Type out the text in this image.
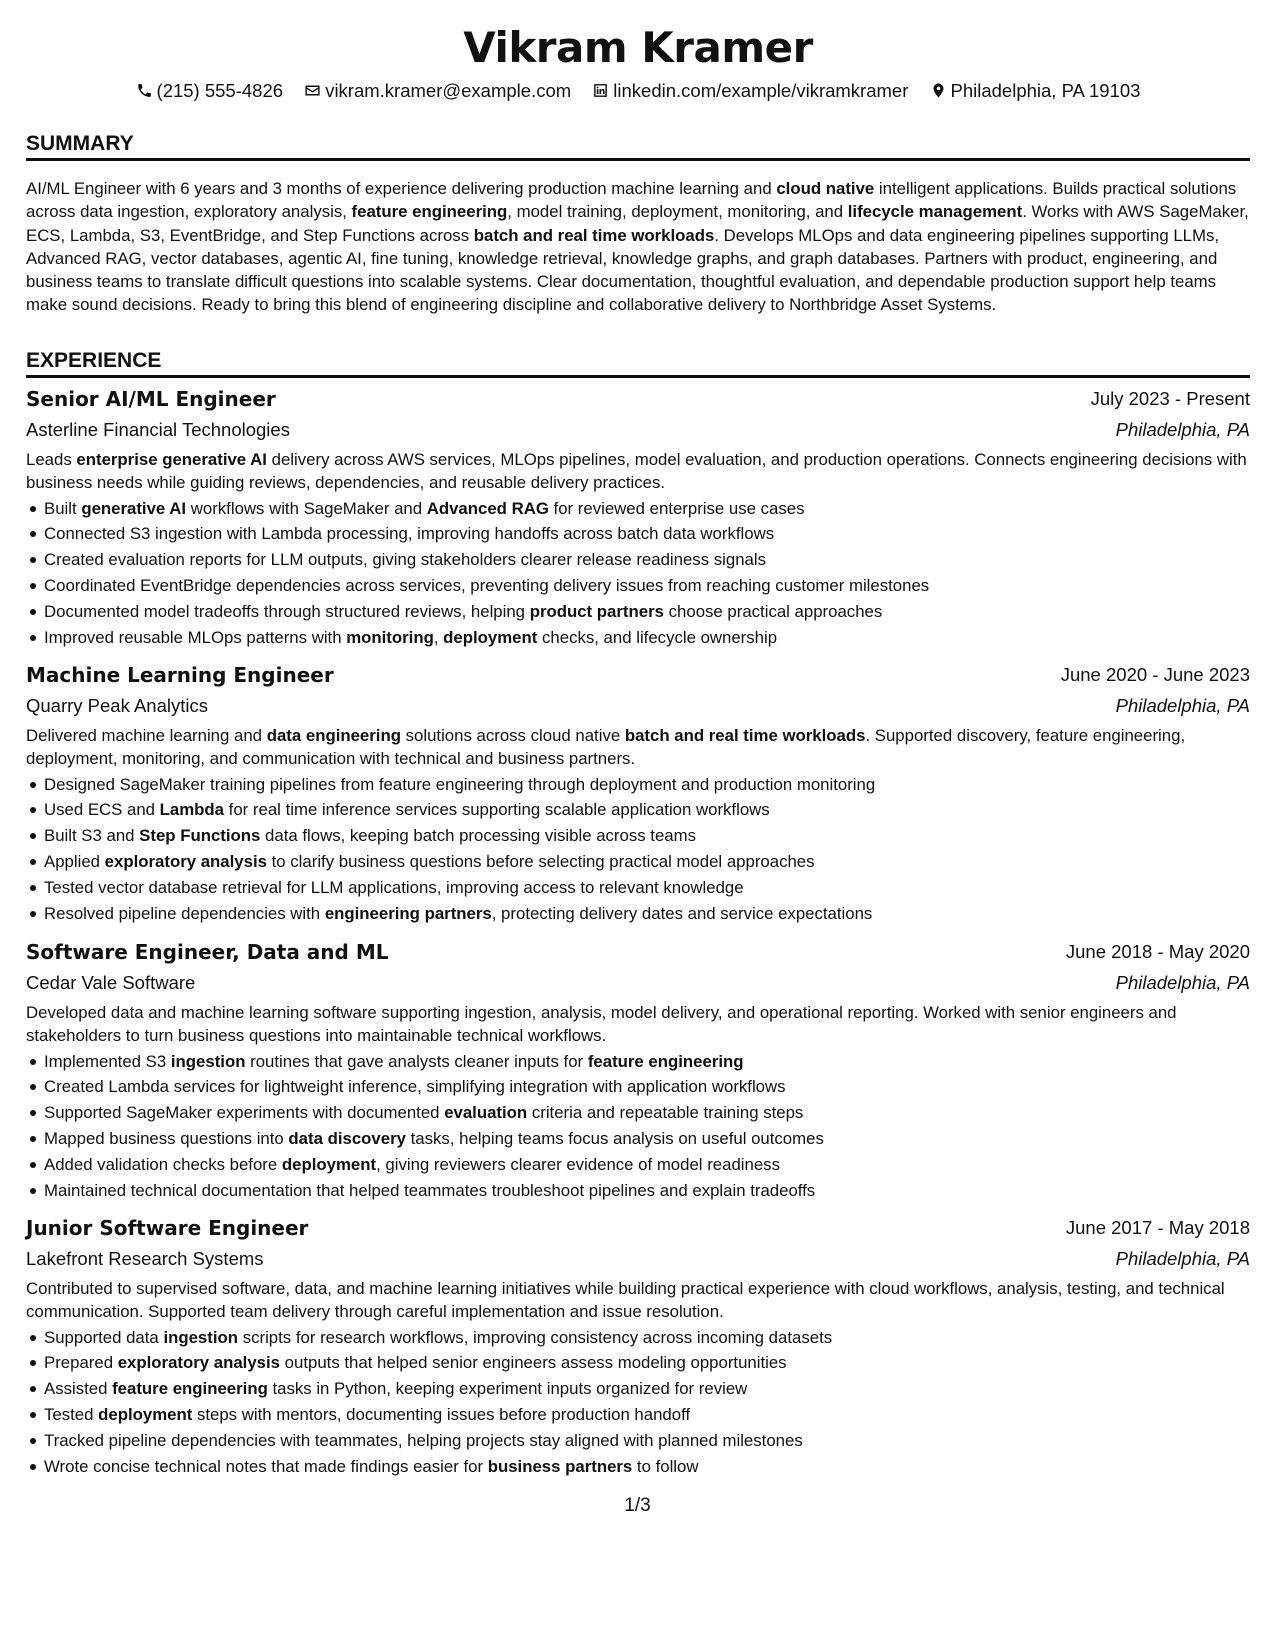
Vikram Kramer
(215) 555-4826 vikram.kramer@example.com linkedin.com/example/vikramkramer Philadelphia, PA 19103
SUMMARY

AI/ML Engineer with 6 years and 3 months of experience delivering production machine learning and cloud native intelligent applications. Builds practical solutions across data ingestion, exploratory analysis, feature engineering, model training, deployment, monitoring, and lifecycle management. Works with AWS SageMaker, ECS, Lambda, S3, EventBridge, and Step Functions across batch and real time workloads. Develops MLOps and data engineering pipelines supporting LLMs, Advanced RAG, vector databases, agentic AI, fine tuning, knowledge retrieval, knowledge graphs, and graph databases. Partners with product, engineering, and business teams to translate difficult questions into scalable systems. Clear documentation, thoughtful evaluation, and dependable production support help teams make sound decisions. Ready to bring this blend of engineering discipline and collaborative delivery to Northbridge Asset Systems.

EXPERIENCE
Senior AI/ML Engineer	July 2023 - Present
Asterline Financial Technologies	Philadelphia, PA

Leads enterprise generative AI delivery across AWS services, MLOps pipelines, model evaluation, and production operations. Connects engineering decisions with business needs while guiding reviews, dependencies, and reusable delivery practices.

Built generative AI workflows with SageMaker and Advanced RAG for reviewed enterprise use cases
Connected S3 ingestion with Lambda processing, improving handoffs across batch data workflows
Created evaluation reports for LLM outputs, giving stakeholders clearer release readiness signals
Coordinated EventBridge dependencies across services, preventing delivery issues from reaching customer milestones
Documented model tradeoffs through structured reviews, helping product partners choose practical approaches
Improved reusable MLOps patterns with monitoring, deployment checks, and lifecycle ownership
Machine Learning Engineer	June 2020 - June 2023
Quarry Peak Analytics	Philadelphia, PA

Delivered machine learning and data engineering solutions across cloud native batch and real time workloads. Supported discovery, feature engineering, deployment, monitoring, and communication with technical and business partners.

Designed SageMaker training pipelines from feature engineering through deployment and production monitoring
Used ECS and Lambda for real time inference services supporting scalable application workflows
Built S3 and Step Functions data flows, keeping batch processing visible across teams
Applied exploratory analysis to clarify business questions before selecting practical model approaches
Tested vector database retrieval for LLM applications, improving access to relevant knowledge
Resolved pipeline dependencies with engineering partners, protecting delivery dates and service expectations
Software Engineer, Data and ML	June 2018 - May 2020
Cedar Vale Software	Philadelphia, PA

Developed data and machine learning software supporting ingestion, analysis, model delivery, and operational reporting. Worked with senior engineers and stakeholders to turn business questions into maintainable technical workflows.

Implemented S3 ingestion routines that gave analysts cleaner inputs for feature engineering
Created Lambda services for lightweight inference, simplifying integration with application workflows
Supported SageMaker experiments with documented evaluation criteria and repeatable training steps
Mapped business questions into data discovery tasks, helping teams focus analysis on useful outcomes
Added validation checks before deployment, giving reviewers clearer evidence of model readiness
Maintained technical documentation that helped teammates troubleshoot pipelines and explain tradeoffs
Junior Software Engineer	June 2017 - May 2018
Lakefront Research Systems	Philadelphia, PA

Contributed to supervised software, data, and machine learning initiatives while building practical experience with cloud workflows, analysis, testing, and technical communication. Supported team delivery through careful implementation and issue resolution.

Supported data ingestion scripts for research workflows, improving consistency across incoming datasets
Prepared exploratory analysis outputs that helped senior engineers assess modeling opportunities
Assisted feature engineering tasks in Python, keeping experiment inputs organized for review
Tested deployment steps with mentors, documenting issues before production handoff
Tracked pipeline dependencies with teammates, helping projects stay aligned with planned milestones
Wrote concise technical notes that made findings easier for business partners to follow
1/3
